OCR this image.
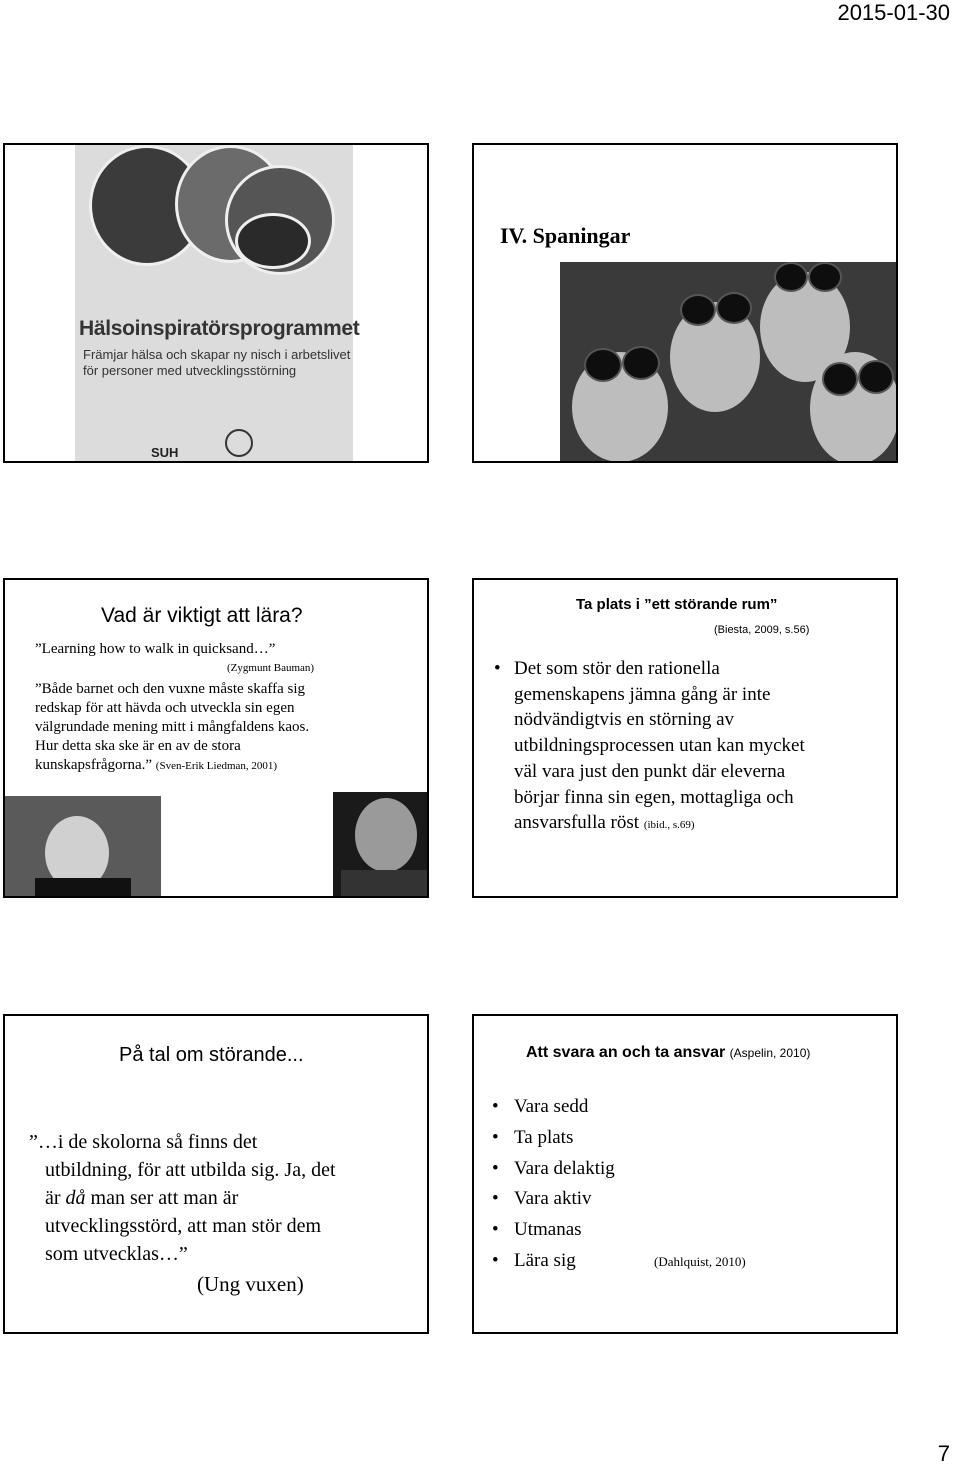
2015-01-30
Hälsoinspiratörsprogrammet
Främjar hälsa och skapar ny nisch i arbetslivet
för personer med utvecklingsstörning
SUH
IV. Spaningar
Vad är viktigt att lära?
”Learning how to walk in quicksand…”
(Zygmunt Bauman)
”Både barnet och den vuxne måste skaffa sig
redskap för att hävda och utveckla sin egen
välgrundade mening mitt i mångfaldens kaos.
Hur detta ska ske är en av de stora
kunskapsfrågorna.” (Sven-Erik Liedman, 2001)
Ta plats i ”ett störande rum”
(Biesta, 2009, s.56)
• Det som stör den rationella
gemenskapens jämna gång är inte
nödvändigtvis en störning av
utbildningsprocessen utan kan mycket
väl vara just den punkt där eleverna
börjar finna sin egen, mottagliga och
ansvarsfulla röst (ibid., s.69)
På tal om störande...
”…i de skolorna så finns det
utbildning, för att utbilda sig. Ja, det
är då man ser att man är
utvecklingsstörd, att man stör dem
som utvecklas…”
(Ung vuxen)
Att svara an och ta ansvar (Aspelin, 2010)
• Vara sedd
• Ta plats
• Vara delaktig
• Vara aktiv
• Utmanas
• Lära sig	(Dahlquist, 2010)
7
